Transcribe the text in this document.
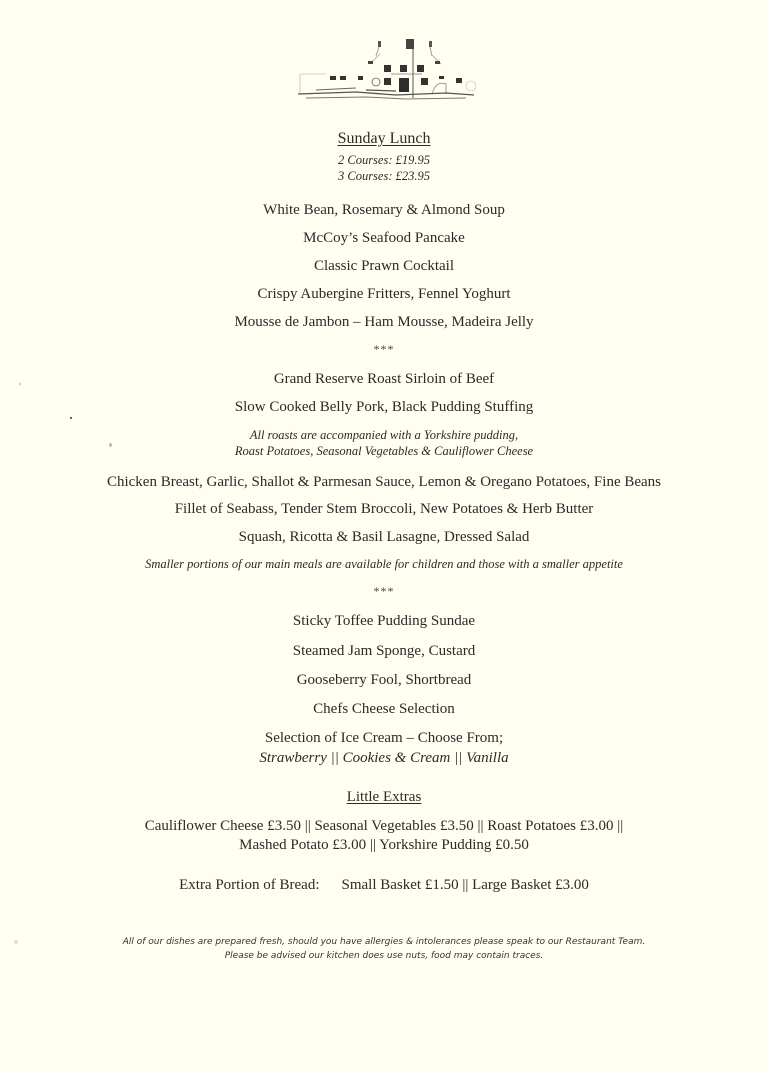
Sunday Lunch
2 Courses: £19.95
3 Courses: £23.95
White Bean, Rosemary & Almond Soup
McCoy’s Seafood Pancake
Classic Prawn Cocktail
Crispy Aubergine Fritters, Fennel Yoghurt
Mousse de Jambon – Ham Mousse, Madeira Jelly
***
Grand Reserve Roast Sirloin of Beef
Slow Cooked Belly Pork, Black Pudding Stuffing
All roasts are accompanied with a Yorkshire pudding,
Roast Potatoes, Seasonal Vegetables & Cauliflower Cheese
Chicken Breast, Garlic, Shallot & Parmesan Sauce, Lemon & Oregano Potatoes, Fine Beans
Fillet of Seabass, Tender Stem Broccoli, New Potatoes & Herb Butter
Squash, Ricotta & Basil Lasagne, Dressed Salad
Smaller portions of our main meals are available for children and those with a smaller appetite
***
Sticky Toffee Pudding Sundae
Steamed Jam Sponge, Custard
Gooseberry Fool, Shortbread
Chefs Cheese Selection
Selection of Ice Cream – Choose From;
Strawberry || Cookies & Cream || Vanilla
Little Extras
Cauliflower Cheese £3.50 || Seasonal Vegetables £3.50 || Roast Potatoes £3.00 ||
Mashed Potato £3.00 || Yorkshire Pudding £0.50
Extra Portion of Bread: Small Basket £1.50 || Large Basket £3.00
All of our dishes are prepared fresh, should you have allergies & intolerances please speak to our Restaurant Team.
Please be advised our kitchen does use nuts, food may contain traces.
